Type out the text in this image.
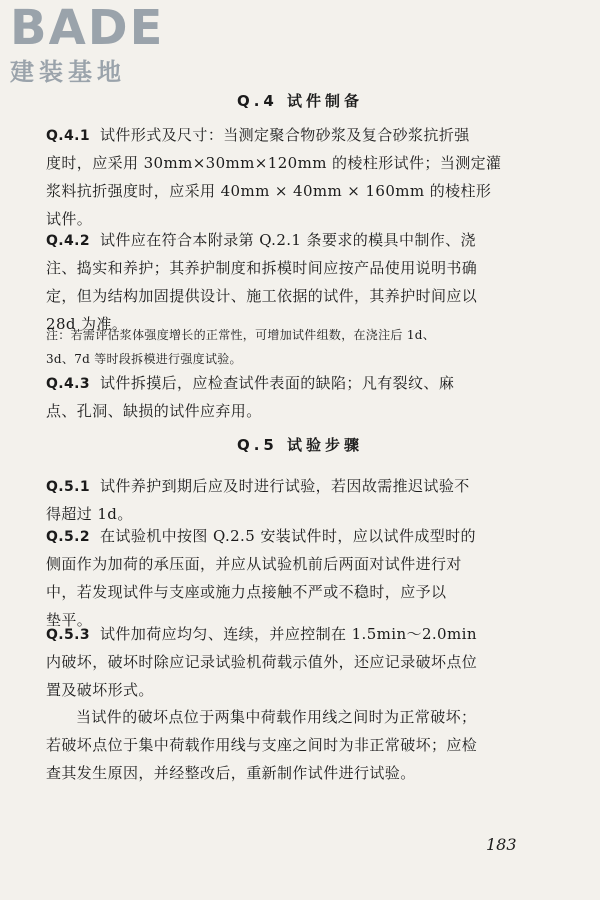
BADE
建装基地
Q.4 试件制备
Q.4.1 试件形式及尺寸：当测定聚合物砂浆及复合砂浆抗折强
度时，应采用 30mm×30mm×120mm 的棱柱形试件；当测定灌
浆料抗折强度时，应采用 40mm × 40mm × 160mm 的棱柱形
试件。
Q.4.2 试件应在符合本附录第 Q.2.1 条要求的模具中制作、浇
注、捣实和养护；其养护制度和拆模时间应按产品使用说明书确
定，但为结构加固提供设计、施工依据的试件，其养护时间应以
28d 为准。
注：若需评估浆体强度增长的正常性，可增加试件组数，在浇注后 1d、
3d、7d 等时段拆模进行强度试验。
Q.4.3 试件拆摸后，应检查试件表面的缺陷；凡有裂纹、麻
点、孔洞、缺损的试件应弃用。
Q.5 试验步骤
Q.5.1 试件养护到期后应及时进行试验，若因故需推迟试验不
得超过 1d。
Q.5.2 在试验机中按图 Q.2.5 安装试件时，应以试件成型时的
侧面作为加荷的承压面，并应从试验机前后两面对试件进行对
中，若发现试件与支座或施力点接触不严或不稳时，应予以
垫平。
Q.5.3 试件加荷应均匀、连续，并应控制在 1.5min～2.0min
内破坏，破坏时除应记录试验机荷载示值外，还应记录破坏点位
置及破坏形式。
当试件的破坏点位于两集中荷载作用线之间时为正常破坏；
若破坏点位于集中荷载作用线与支座之间时为非正常破坏；应检
查其发生原因，并经整改后，重新制作试件进行试验。
183
